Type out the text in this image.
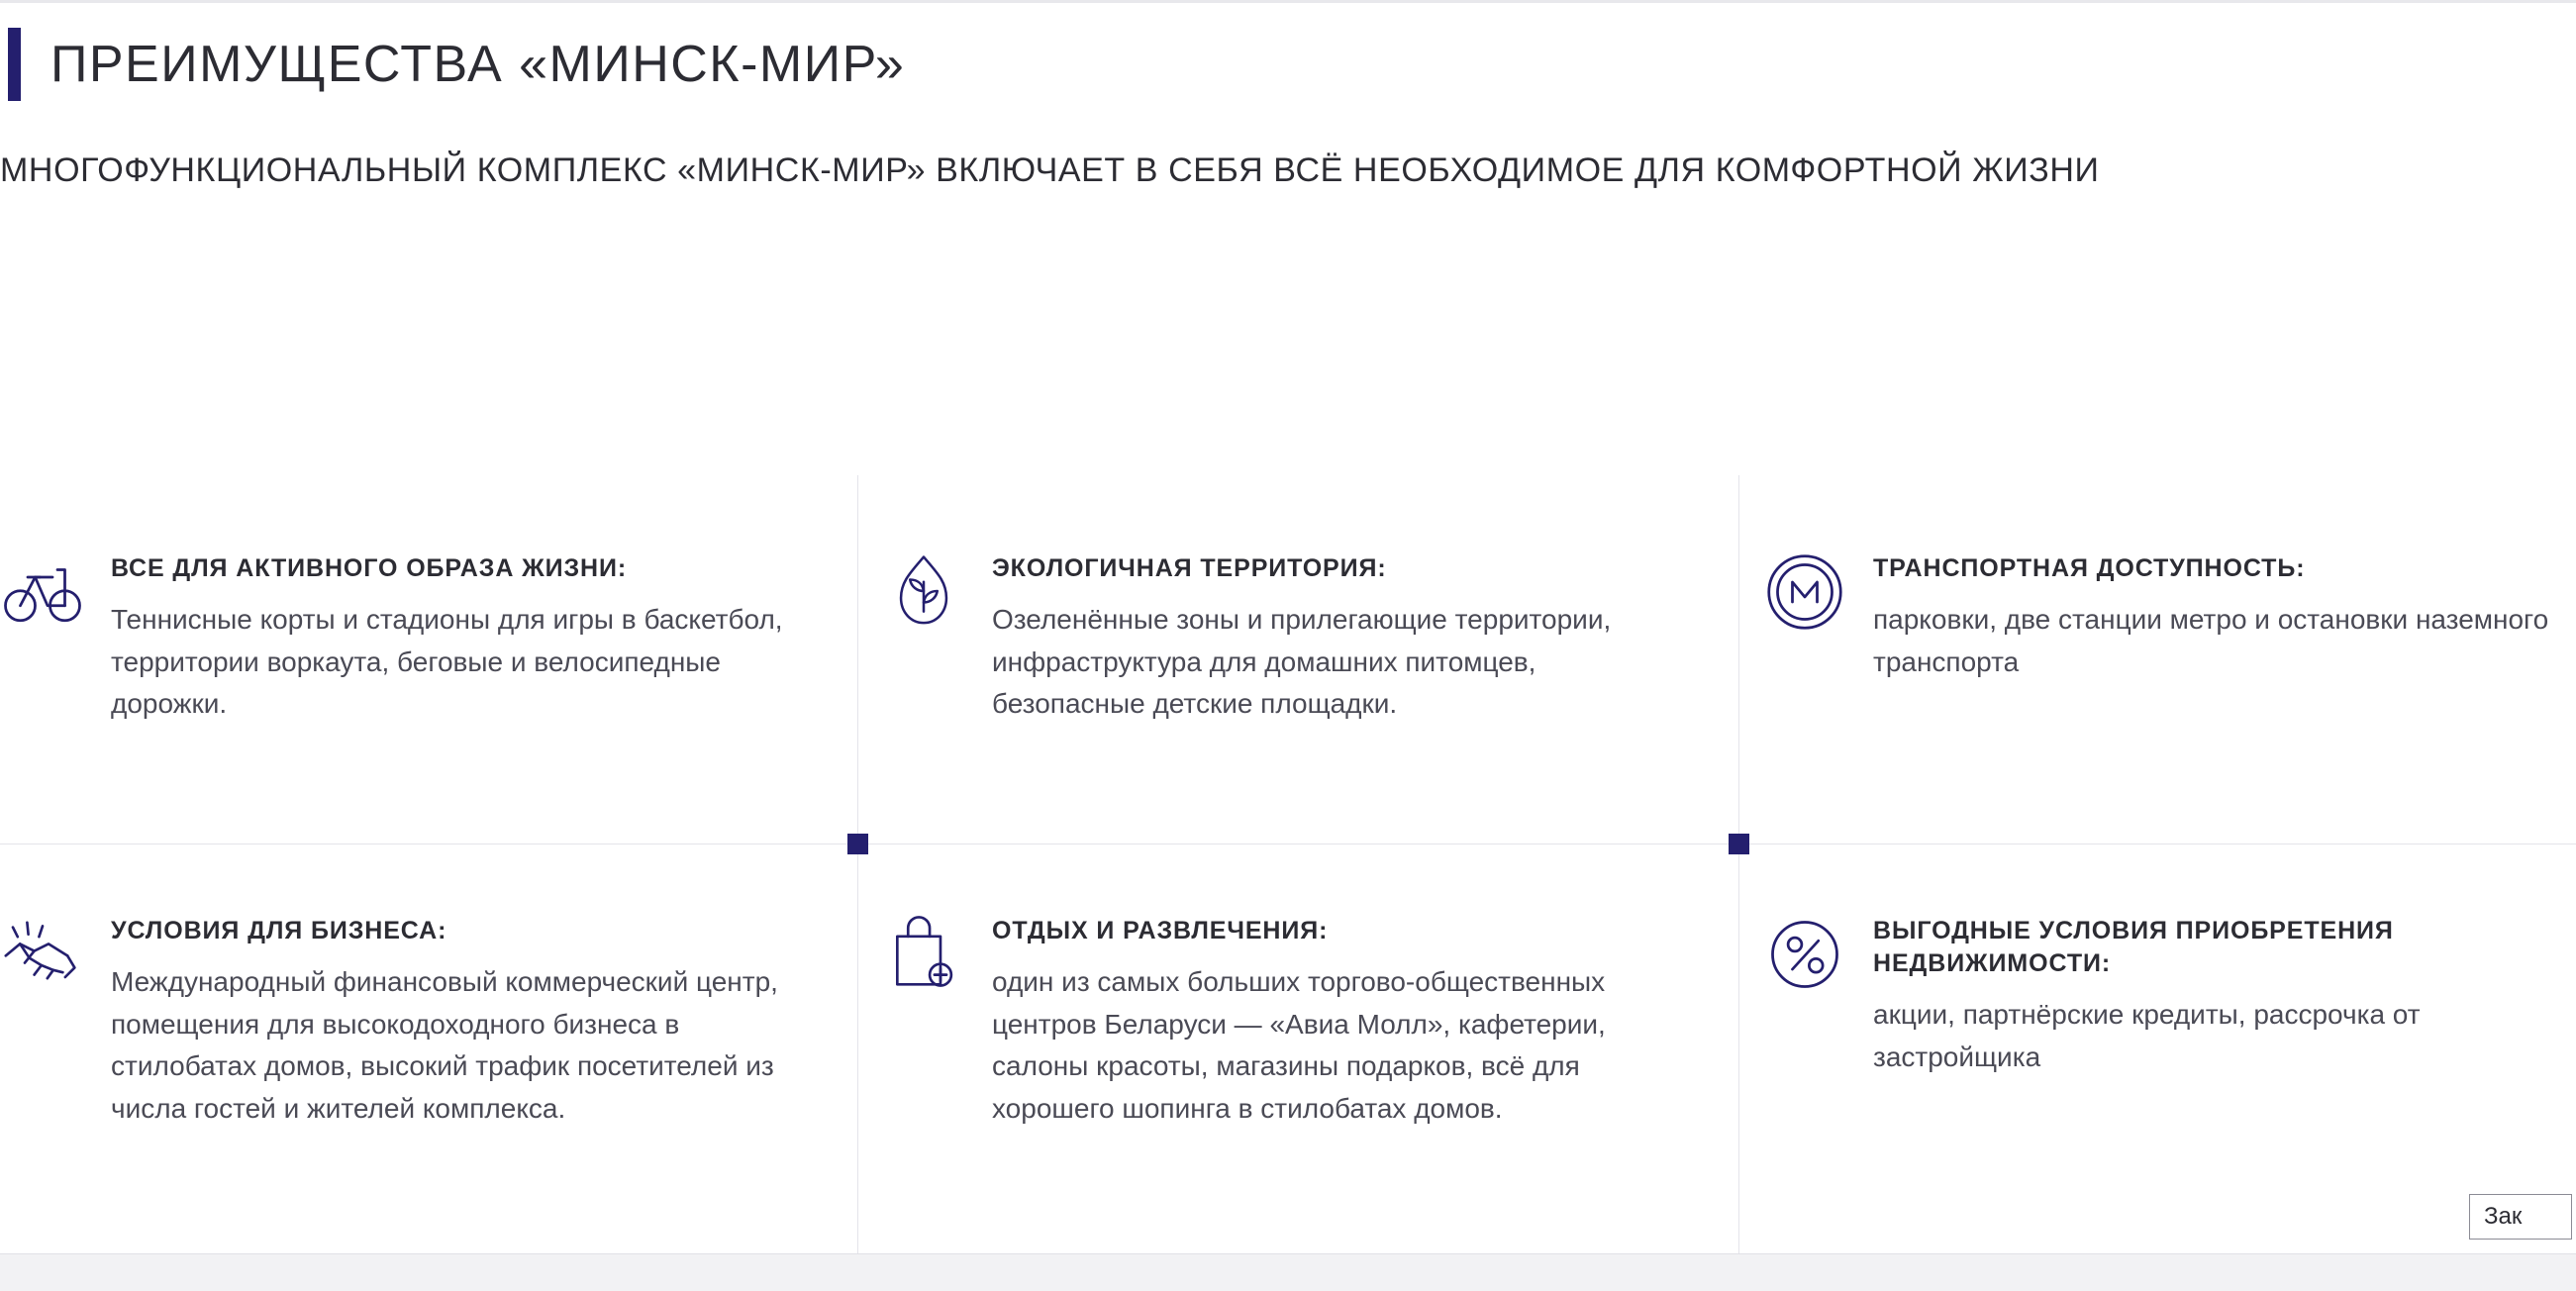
ПРЕИМУЩЕСТВА «МИНСК-МИР»
МНОГОФУНКЦИОНАЛЬНЫЙ КОМПЛЕКС «МИНСК-МИР» ВКЛЮЧАЕТ В СЕБЯ ВСЁ НЕОБХОДИМОЕ ДЛЯ КОМФОРТНОЙ ЖИЗНИ
ВСЕ ДЛЯ АКТИВНОГО ОБРАЗА ЖИЗНИ:
Теннисные корты и стадионы для игры в баскетбол, территории воркаута, беговые и велосипедные дорожки.
ЭКОЛОГИЧНАЯ ТЕРРИТОРИЯ:
Озеленённые зоны и прилегающие территории, инфраструктура для домашних питомцев, безопасные детские площадки.
ТРАНСПОРТНАЯ ДОСТУПНОСТЬ:
парковки, две станции метро и остановки наземного транспорта
УСЛОВИЯ ДЛЯ БИЗНЕСА:
Международный финансовый коммерческий центр, помещения для высокодоходного бизнеса в стилобатах домов, высокий трафик посетителей из числа гостей и жителей комплекса.
ОТДЫХ И РАЗВЛЕЧЕНИЯ:
один из самых больших торгово-общественных центров Беларуси — «Авиа Молл», кафетерии, салоны красоты, магазины подарков, всё для хорошего шопинга в стилобатах домов.
ВЫГОДНЫЕ УСЛОВИЯ ПРИОБРЕТЕНИЯ НЕДВИЖИМОСТИ:
акции, партнёрские кредиты, рассрочка от застройщика
Зак
